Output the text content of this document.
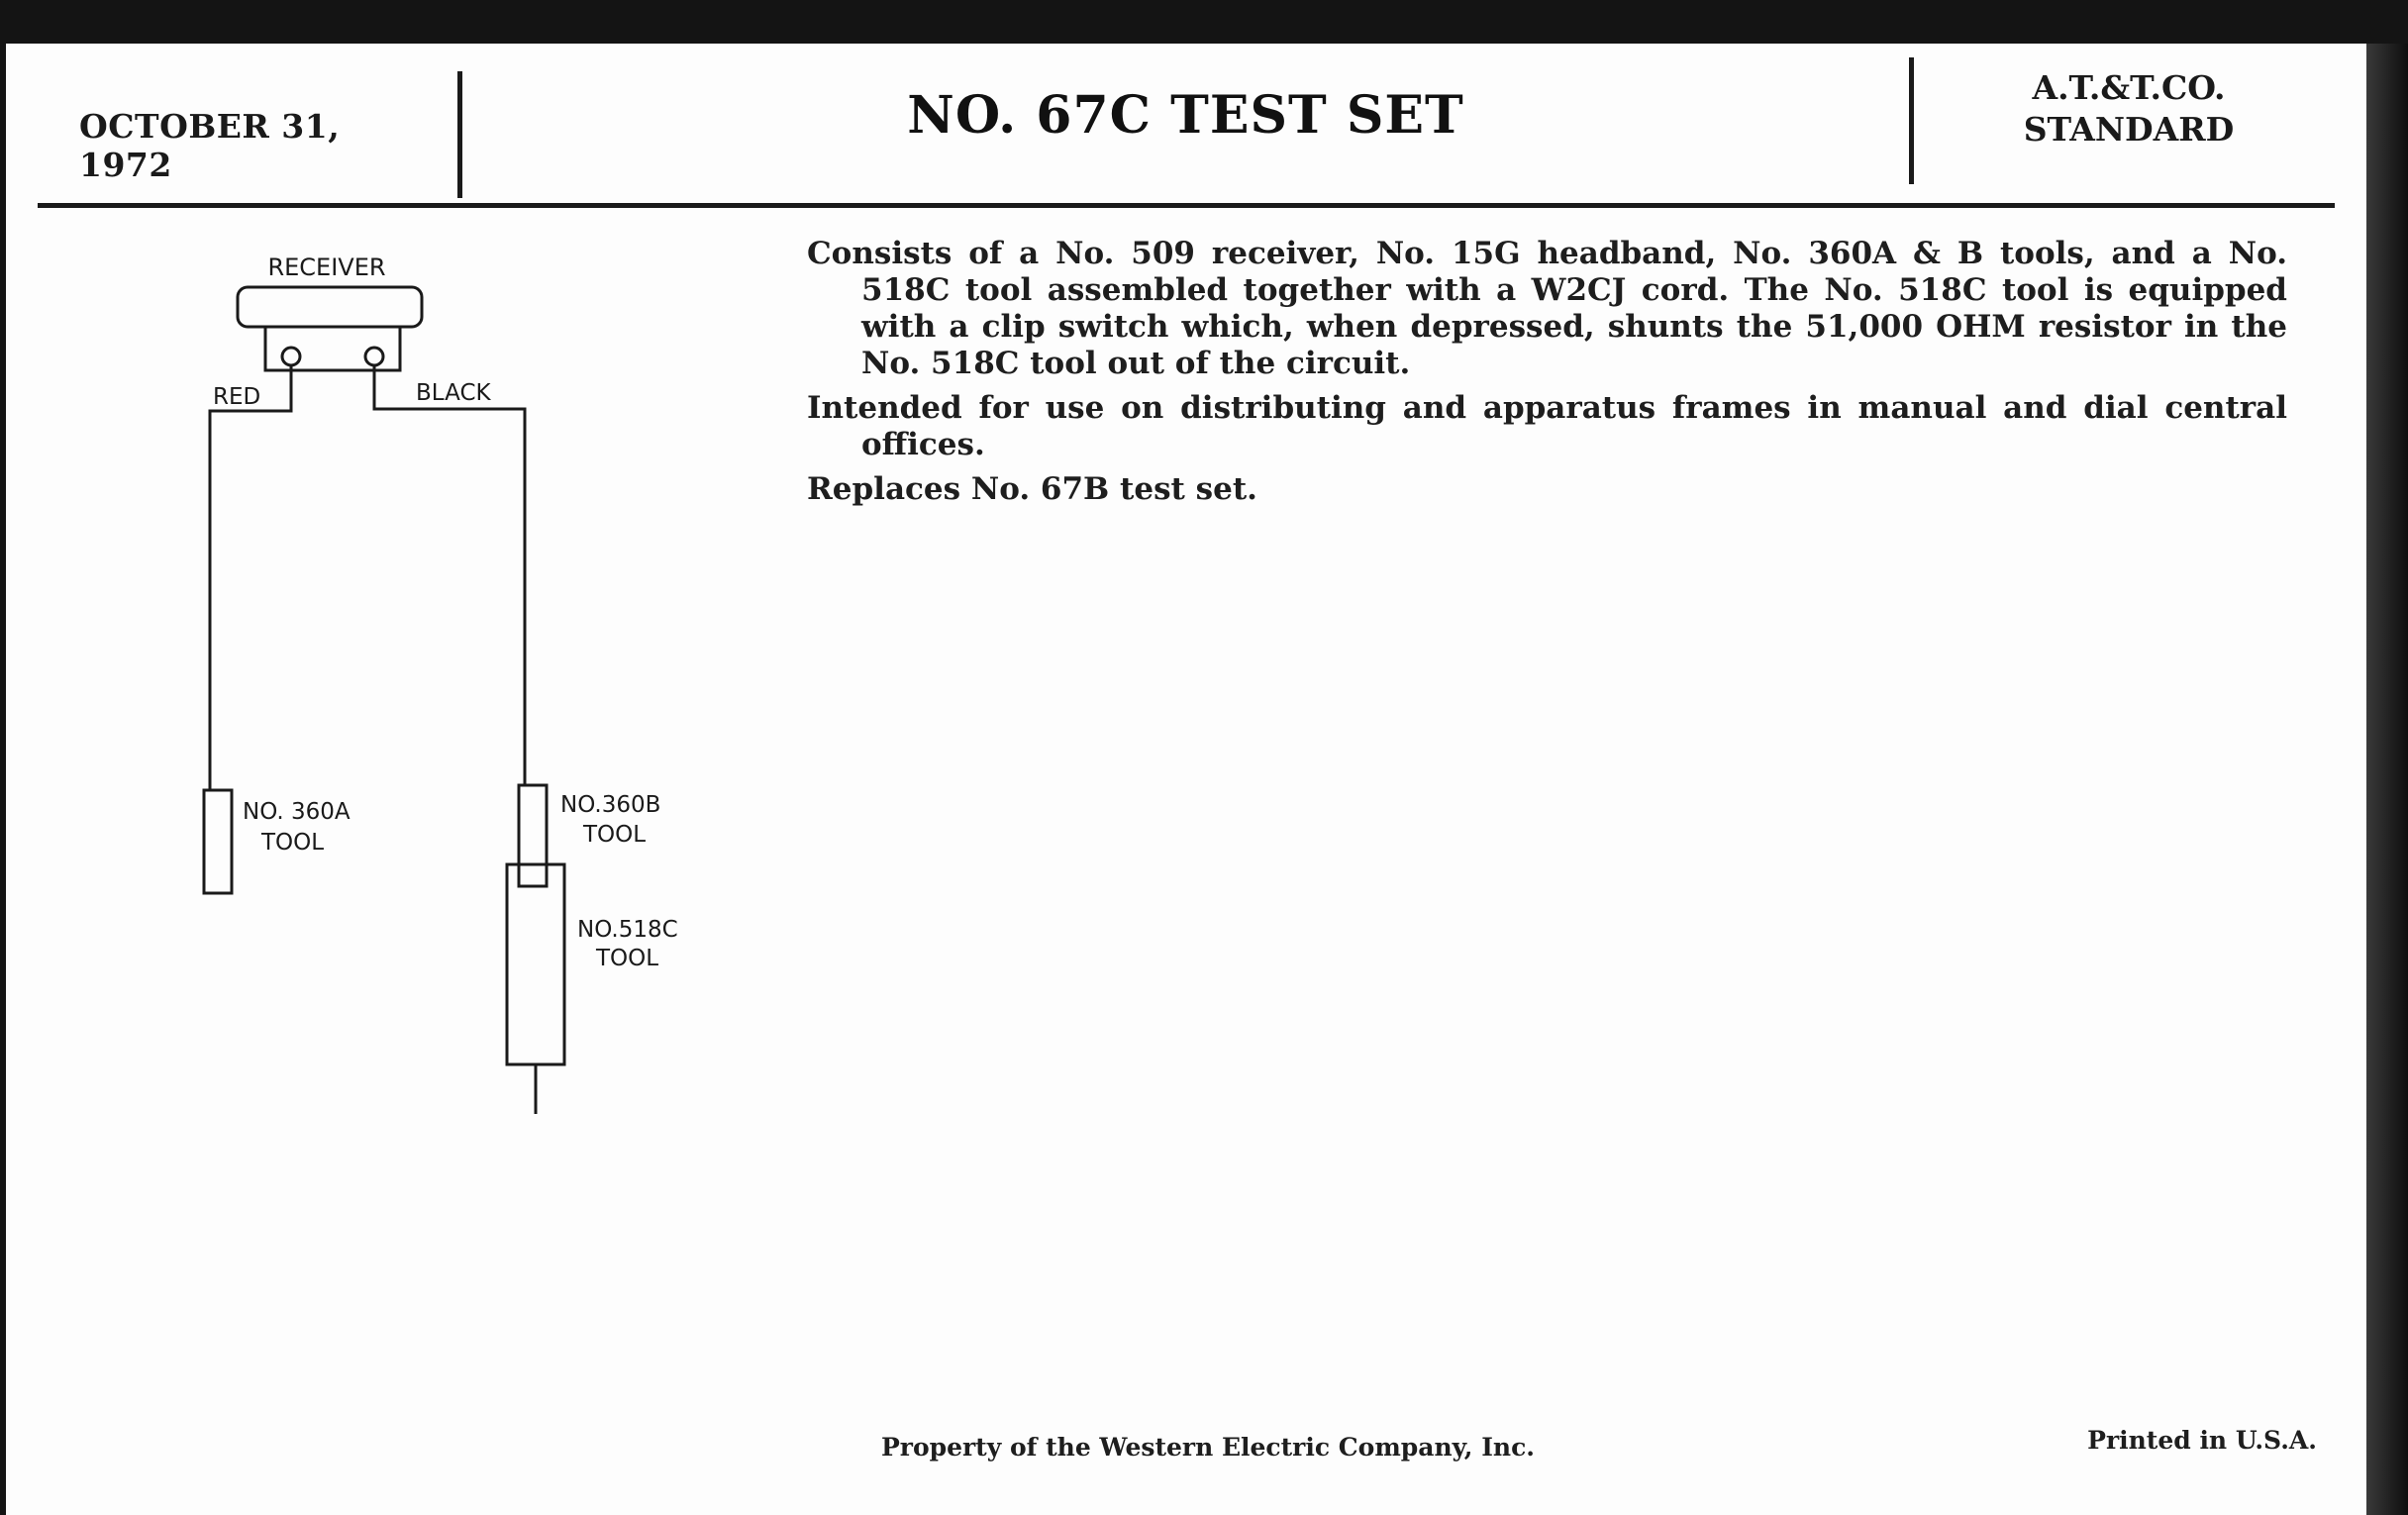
OCTOBER 31, 1972
NO. 67C TEST SET	A.T.&T.CO.
STANDARD
RECEIVER
RED	BLACK
NO. 360A
TOOL
NO.360B
TOOL
NO.518C
TOOL

Consists of a No. 509 receiver, No. 15G headband, No. 360A & B tools, and a No. 518C tool assembled together with a W2CJ cord. The No. 518C tool is equipped with a clip switch which, when depressed, shunts the 51,000 OHM resistor in the No. 518C tool out of the circuit.

Intended for use on distributing and apparatus frames in manual and dial central offices.

Replaces No. 67B test set.

Property of the Western Electric Company, Inc.	Printed in U.S.A.
